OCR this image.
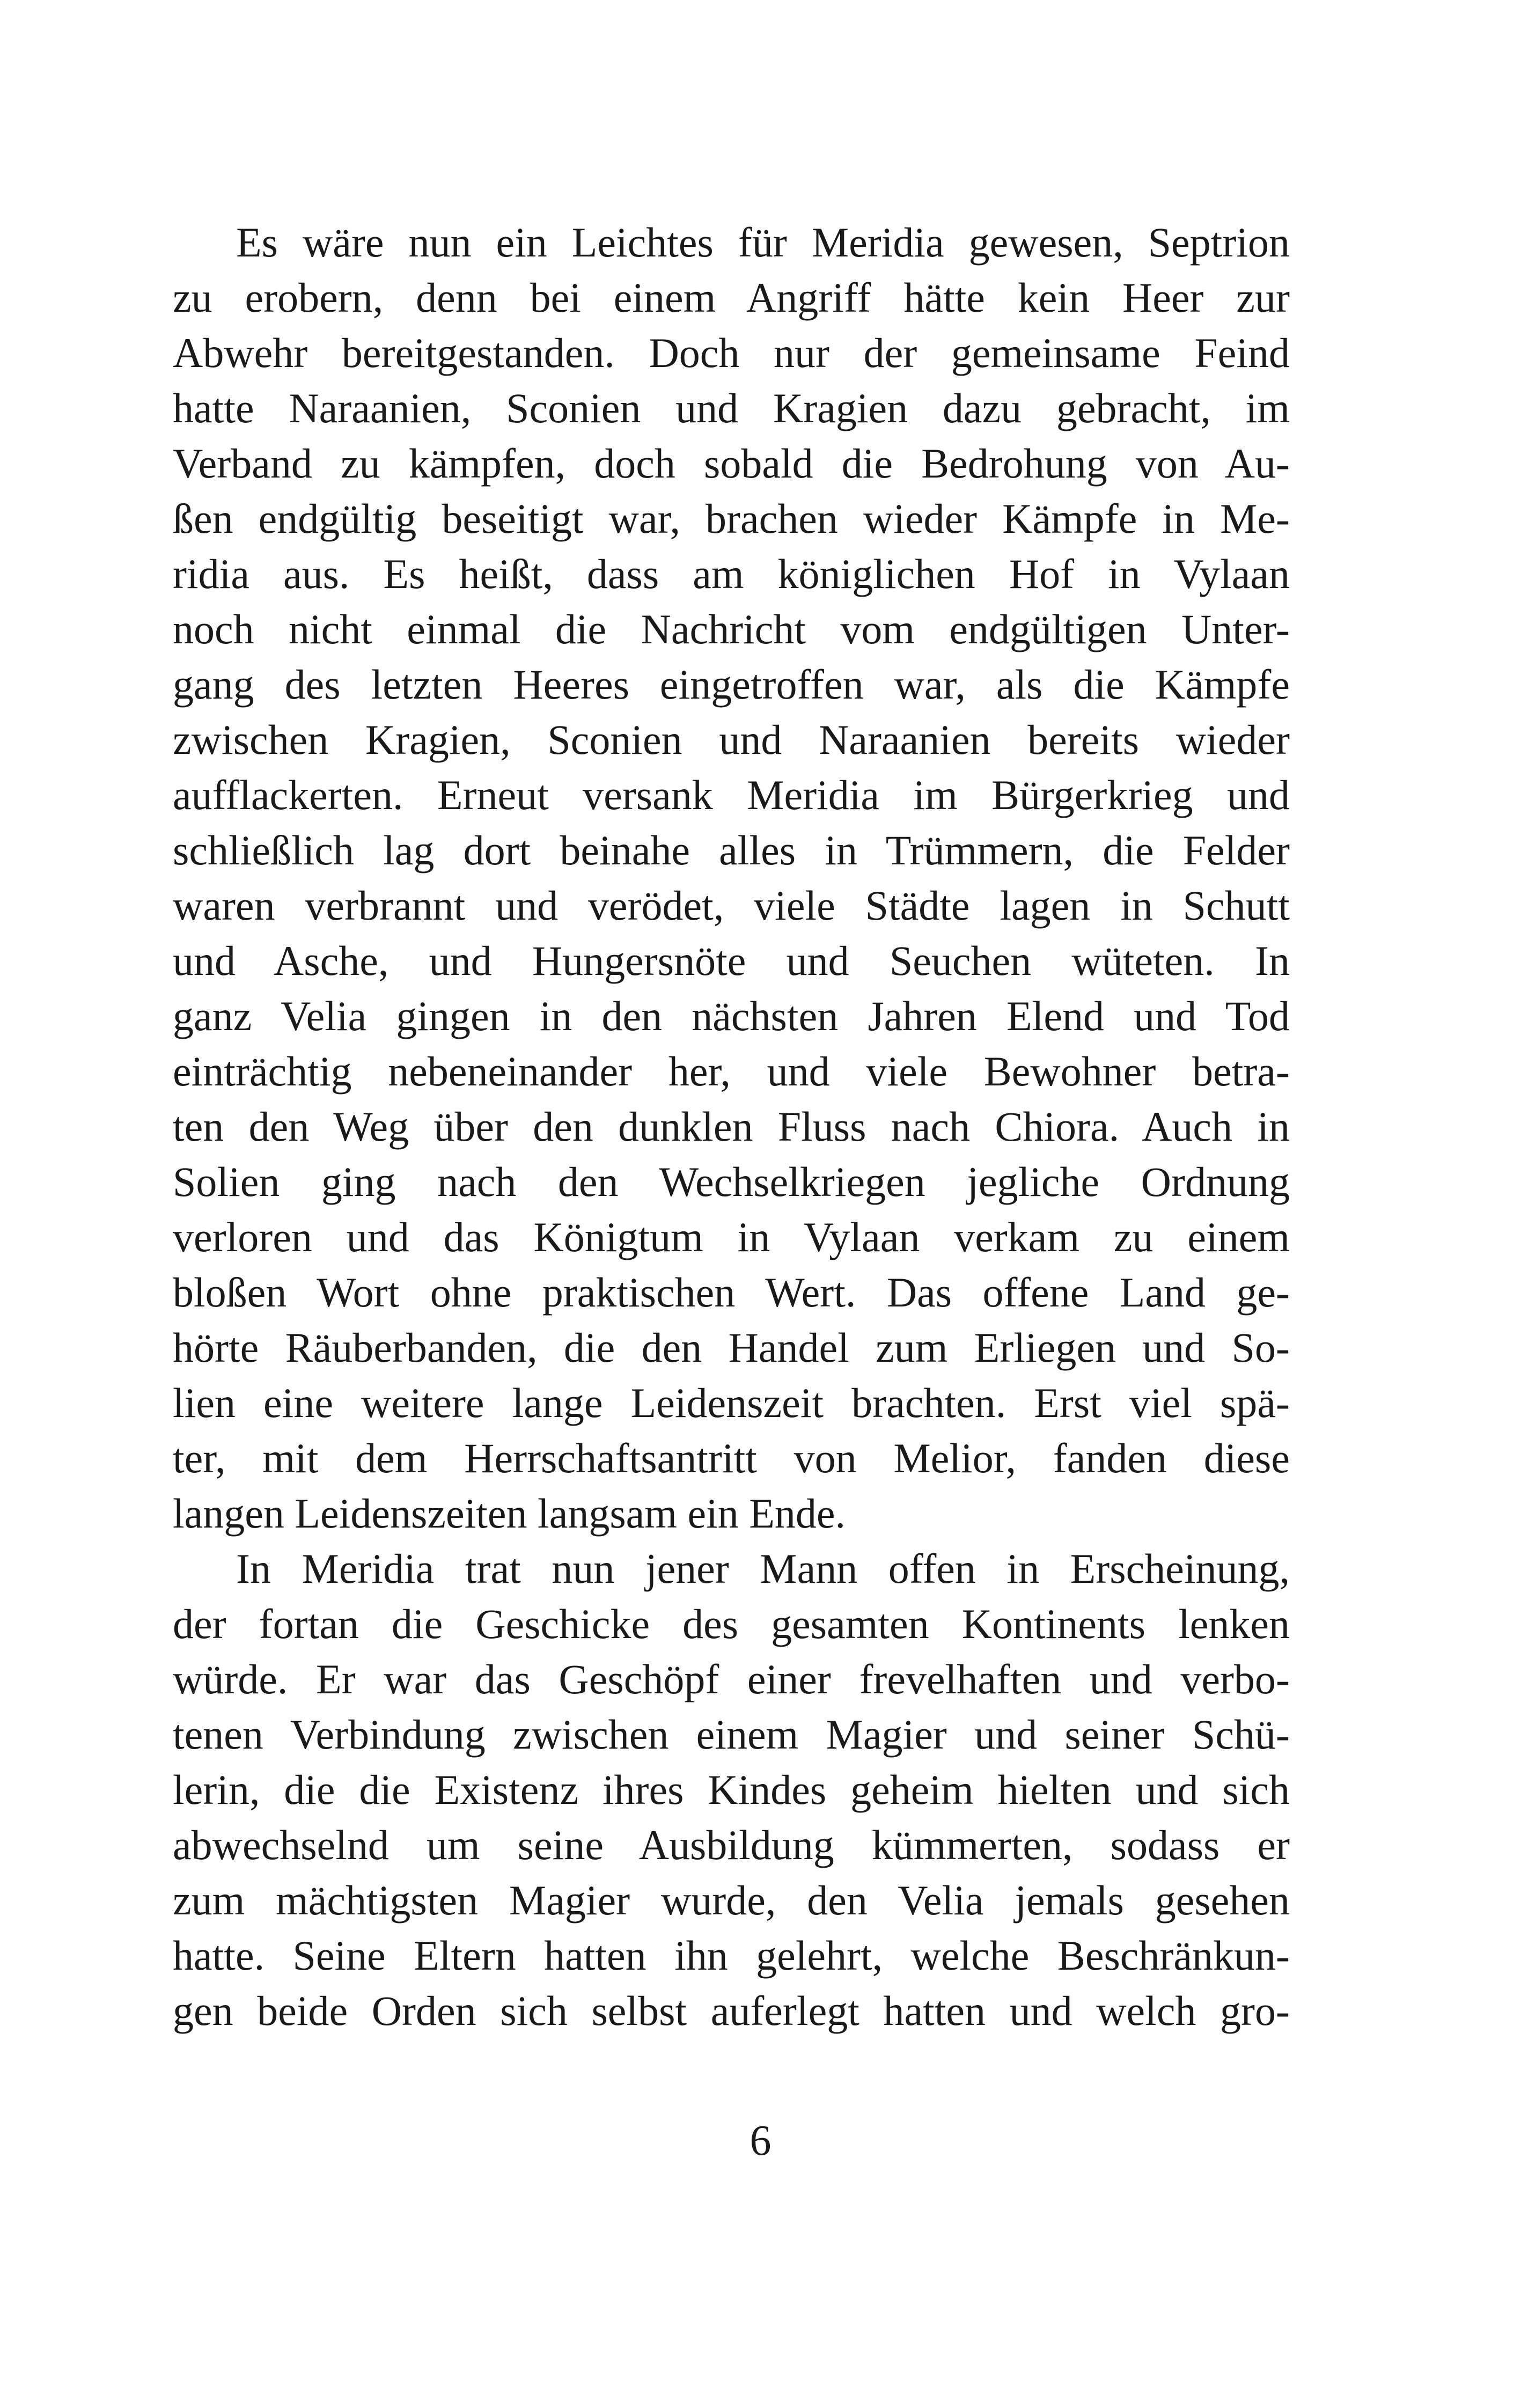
Es wäre nun ein Leichtes für Meridia gewesen, Septrion
zu erobern, denn bei einem Angriff hätte kein Heer zur
Abwehr bereitgestanden. Doch nur der gemeinsame Feind
hatte Naraanien, Sconien und Kragien dazu gebracht, im
Verband zu kämpfen, doch sobald die Bedrohung von Au-
ßen endgültig beseitigt war, brachen wieder Kämpfe in Me-
ridia aus. Es heißt, dass am königlichen Hof in Vylaan
noch nicht einmal die Nachricht vom endgültigen Unter-
gang des letzten Heeres eingetroffen war, als die Kämpfe
zwischen Kragien, Sconien und Naraanien bereits wieder
aufflackerten. Erneut versank Meridia im Bürgerkrieg und
schließlich lag dort beinahe alles in Trümmern, die Felder
waren verbrannt und verödet, viele Städte lagen in Schutt
und Asche, und Hungersnöte und Seuchen wüteten. In
ganz Velia gingen in den nächsten Jahren Elend und Tod
einträchtig nebeneinander her, und viele Bewohner betra-
ten den Weg über den dunklen Fluss nach Chiora. Auch in
Solien ging nach den Wechselkriegen jegliche Ordnung
verloren und das Königtum in Vylaan verkam zu einem
bloßen Wort ohne praktischen Wert. Das offene Land ge-
hörte Räuberbanden, die den Handel zum Erliegen und So-
lien eine weitere lange Leidenszeit brachten. Erst viel spä-
ter, mit dem Herrschaftsantritt von Melior, fanden diese
langen Leidenszeiten langsam ein Ende.
In Meridia trat nun jener Mann offen in Erscheinung,
der fortan die Geschicke des gesamten Kontinents lenken
würde. Er war das Geschöpf einer frevelhaften und verbo-
tenen Verbindung zwischen einem Magier und seiner Schü-
lerin, die die Existenz ihres Kindes geheim hielten und sich
abwechselnd um seine Ausbildung kümmerten, sodass er
zum mächtigsten Magier wurde, den Velia jemals gesehen
hatte. Seine Eltern hatten ihn gelehrt, welche Beschränkun-
gen beide Orden sich selbst auferlegt hatten und welch gro-
6
